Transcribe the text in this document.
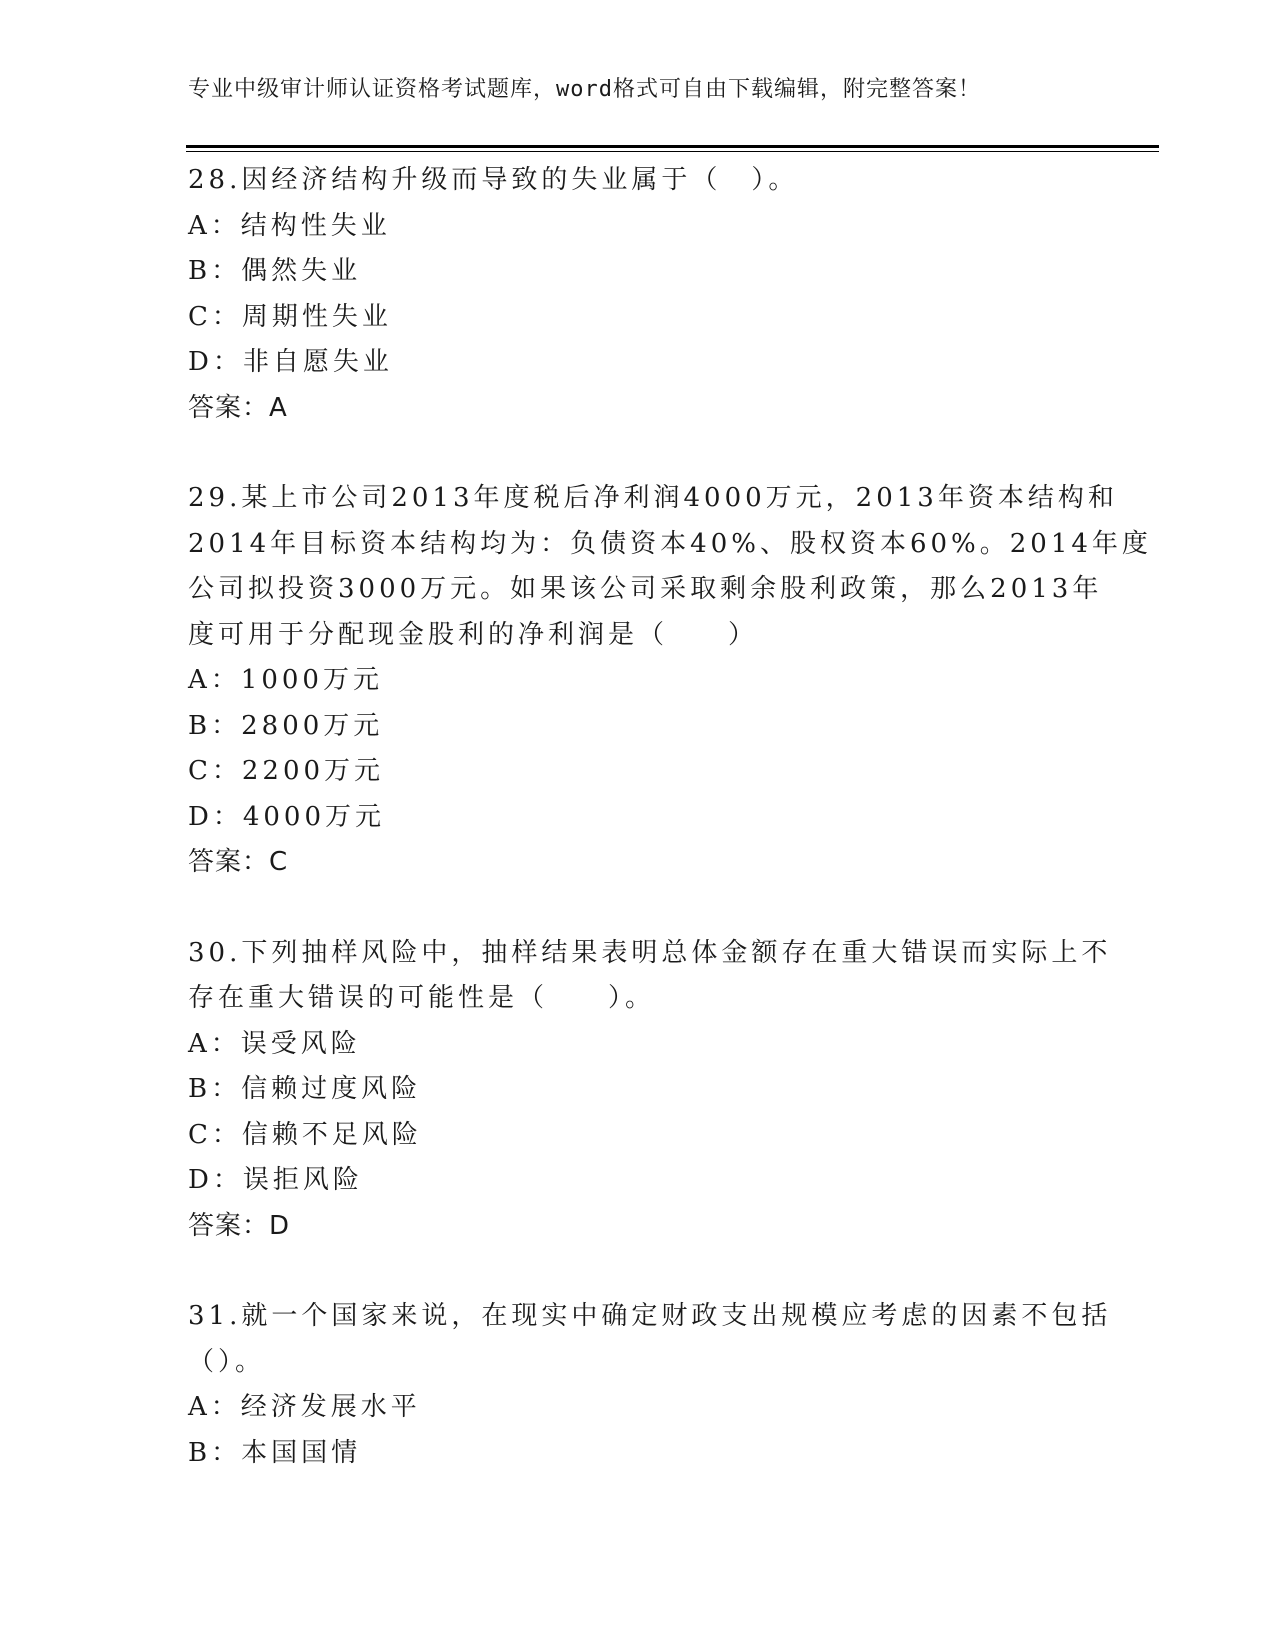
专业中级审计师认证资格考试题库，word格式可自由下载编辑，附完整答案！
28.因经济结构升级而导致的失业属于（　）。
A：结构性失业
B：偶然失业
C：周期性失业
D：非自愿失业
答案：A
29.某上市公司2013年度税后净利润4000万元，2013年资本结构和
2014年目标资本结构均为：负债资本40%、股权资本60%。2014年度
公司拟投资3000万元。如果该公司采取剩余股利政策，那么2013年
度可用于分配现金股利的净利润是（　　）
A：1000万元
B：2800万元
C：2200万元
D：4000万元
答案：C
30.下列抽样风险中，抽样结果表明总体金额存在重大错误而实际上不
存在重大错误的可能性是（　　）。
A：误受风险
B：信赖过度风险
C：信赖不足风险
D：误拒风险
答案：D
31.就一个国家来说，在现实中确定财政支出规模应考虑的因素不包括
（）。
A：经济发展水平
B：本国国情
